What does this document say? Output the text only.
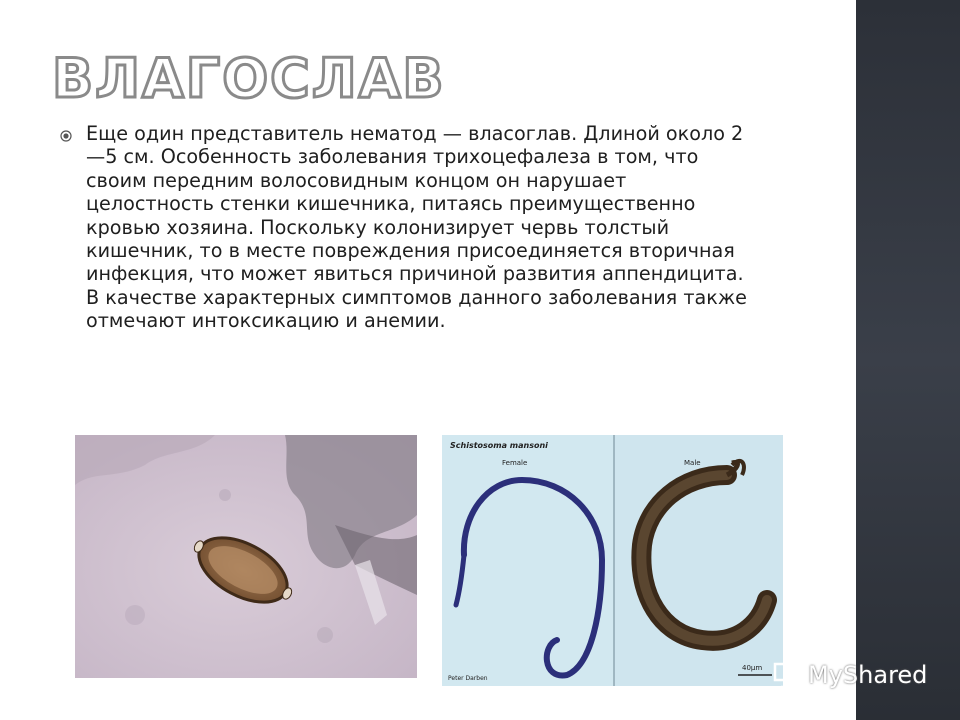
ВЛАГОСЛАВ
Еще один представитель нематод — власоглав. Длиной около 2—5 см. Особенность заболевания трихоцефалеза в том, что своим передним волосовидным концом он нарушает целостность стенки кишечника, питаясь преимущественно кровью хозяина. Поскольку колонизирует червь толстый кишечник, то в месте повреждения присоединяется вторичная инфекция, что может явиться причиной развития аппендицита. В качестве характерных симптомов данного заболевания также отмечают интоксикацию и анемии.
Schistosoma mansoni
Female	Male
40µm
Peter Darben	MyShared
